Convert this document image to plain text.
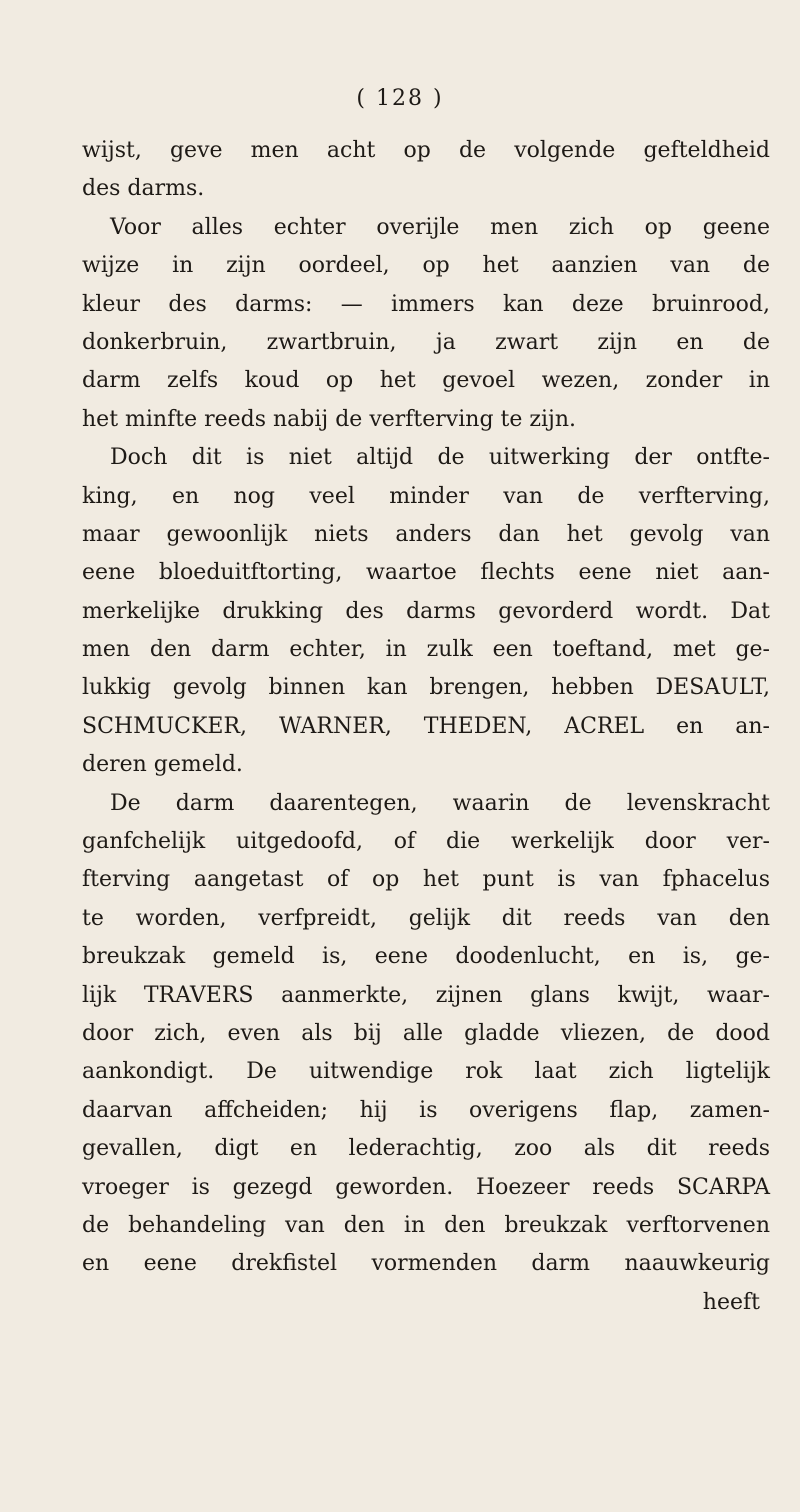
( 128 )
wijst, geve men acht op de volgende gefteldheid
des darms.
Voor alles echter overijle men zich op geene
wijze in zijn oordeel, op het aanzien van de
kleur des darms: — immers kan deze bruinrood,
donkerbruin, zwartbruin, ja zwart zijn en de
darm zelfs koud op het gevoel wezen, zonder in
het minfte reeds nabij de verfterving te zijn.
Doch dit is niet altijd de uitwerking der ontfte-
king, en nog veel minder van de verfterving,
maar gewoonlijk niets anders dan het gevolg van
eene bloeduitftorting, waartoe flechts eene niet aan-
merkelijke drukking des darms gevorderd wordt. Dat
men den darm echter, in zulk een toeftand, met ge-
lukkig gevolg binnen kan brengen, hebben DESAULT,
SCHMUCKER, WARNER, THEDEN, ACREL en an-
deren gemeld.
De darm daarentegen, waarin de levenskracht
ganfchelijk uitgedoofd, of die werkelijk door ver-
fterving aangetast of op het punt is van fphacelus
te worden, verfpreidt, gelijk dit reeds van den
breukzak gemeld is, eene doodenlucht, en is, ge-
lijk TRAVERS aanmerkte, zijnen glans kwijt, waar-
door zich, even als bij alle gladde vliezen, de dood
aankondigt. De uitwendige rok laat zich ligtelijk
daarvan affcheiden; hij is overigens flap, zamen-
gevallen, digt en lederachtig, zoo als dit reeds
vroeger is gezegd geworden. Hoezeer reeds SCARPA
de behandeling van den in den breukzak verftorvenen
en eene drekfistel vormenden darm naauwkeurig
heeft
